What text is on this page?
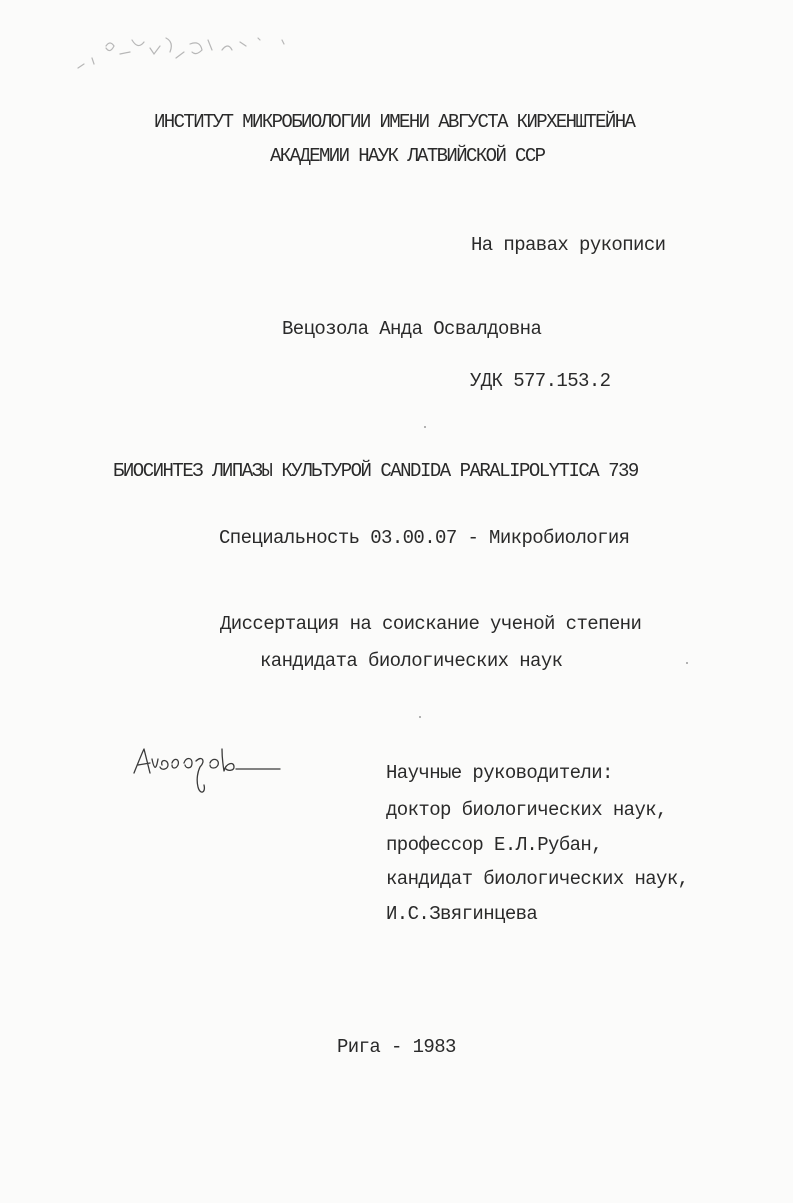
ИНСТИТУТ МИКРОБИОЛОГИИ ИМЕНИ АВГУСТА КИРХЕНШТЕЙНА
АКАДЕМИИ НАУК ЛАТВИЙСКОЙ ССР
На правах рукописи
Вецозола Анда Освалдовна
УДК 577.153.2
БИОСИНТЕЗ ЛИПАЗЫ КУЛЬТУРОЙ CANDIDA PARALIPOLYTICA 739
Специальность 03.00.07 - Микробиология
Диссертация на соискание ученой степени
кандидата биологических наук
Научные руководители:
доктор биологических наук,
профессор Е.Л.Рубан,
кандидат биологических наук,
И.С.Звягинцева
Рига - 1983
